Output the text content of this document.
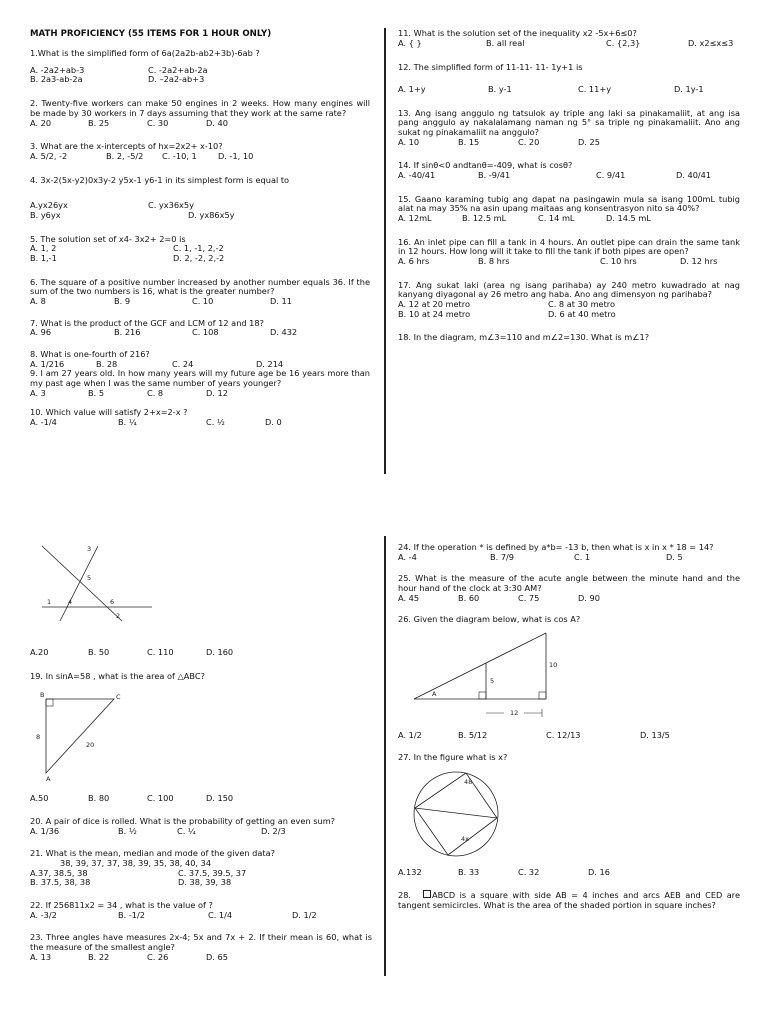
MATH PROFICIENCY (55 ITEMS FOR 1 HOUR ONLY)

1.What is the simplified form of 6a(2a2b-ab2+3b)-6ab ?

A. -2a2+ab-3	C. -2a2+ab-2a
B. 2a3-ab-2a	D. –2a2-ab+3

2. Twenty-five workers can make 50 engines in 2 weeks. How many engines will be made by 30 workers in 7 days assuming that they work at the same rate?

A. 20	B. 25	C. 30	D. 40

3. What are the x-intercepts of hx=2x2+ x-10?

A. 5/2, -2	B. 2, -5/2	C. -10, 1	D. -1, 10

4. 3x-2(5x-y2)0x3y-2 y5x-1 y6-1 in its simplest form is equal to

A.yx26yx	C. yx36x5y
B. y6yx	D. yx86x5y

5. The solution set of x4- 3x2+ 2=0 is

A. 1, 2	C. 1, -1, 2,-2
B. 1,-1	D. 2, -2, 2,-2

6. The square of a positive number increased by another number equals 36. If the sum of the two numbers is 16, what is the greater number?

A. 8	B. 9	C. 10	D. 11

7. What is the product of the GCF and LCM of 12 and 18?

A. 96	B. 216	C. 108	D. 432

8. What is one-fourth of 216?

A. 1/216	B. 28	C. 24	D. 214

9. I am 27 years old. In how many years will my future age be 16 years more than my past age when I was the same number of years younger?

A. 3	B. 5	C. 8	D. 12

10. Which value will satisfy 2+x=2-x ?

A. -1/4	B. ¼	C. ½	D. 0

11. What is the solution set of the inequality x2 -5x+6≤0?

A. { }	B. all real	C. {2,3}	D. x2≤x≤3

12. The simplified form of 11-11- 11- 1y+1 is

A. 1+y	B. y-1	C. 11+y	D. 1y-1

13. Ang isang anggulo ng tatsulok ay triple ang laki sa pinakamaliit, at ang isa pang anggulo ay nakalalamang naman ng 5° sa triple ng pinakamaliit. Ano ang sukat ng pinakamaliit na anggulo?

A. 10	B. 15	C. 20	D. 25

14. If sinθ<0 andtanθ=-409, what is cosθ?

A. -40/41	B. -9/41	C. 9/41	D. 40/41

15. Gaano karaming tubig ang dapat na pasingawin mula sa isang 100mL tubig alat na may 35% na asin upang maitaas ang konsentrasyon nito sa 40%?

A. 12mL	B. 12.5 mL	C. 14 mL	D. 14.5 mL

16. An inlet pipe can fill a tank in 4 hours. An outlet pipe can drain the same tank in 12 hours. How long will it take to fill the tank if both pipes are open?

A. 6 hrs	B. 8 hrs	C. 10 hrs	D. 12 hrs

17. Ang sukat laki (area ng isang parihaba) ay 240 metro kuwadrado at nag kanyang diyagonal ay 26 metro ang haba. Ano ang dimensyon ng parihaba?

A. 12 at 20 metro	C. 8 at 30 metro
B. 10 at 24 metro	D. 6 at 40 metro

18. In the diagram, m∠3=110 and m∠2=130. What is m∠1?

3
5
1	4	6
2
A.20	B. 50	C. 110	D. 160

19. In sinA=58 , what is the area of △ABC?

B	C
8
20
A
A.50	B. 80	C. 100	D. 150

20. A pair of dice is rolled. What is the probability of getting an even sum?

A. 1/36	B. ½	C. ¼	D. 2/3

21. What is the mean, median and mode of the given data?

38, 39, 37, 37, 38, 39, 35, 38, 40, 34

A.37, 38.5, 38	C. 37.5, 39.5, 37
B. 37.5, 38, 38	D. 38, 39, 38

22. If 256811x2 = 34 , what is the value of ?

A. -3/2	B. -1/2	C. 1/4	D. 1/2

23. Three angles have measures 2x-4; 5x and 7x + 2. If their mean is 60, what is the measure of the smallest angle?

A. 13	B. 22	C. 26	D. 65

24. If the operation * is defined by a*b= -13 b, then what is x in x * 18 = 14?

A. -4	B. 7/9	C. 1	D. 5

25. What is the measure of the acute angle between the minute hand and the hour hand of the clock at 3:30 AM?

A. 45	B. 60	C. 75	D. 90

26. Given the diagram below, what is cos A?

A
5
10
12
A. 1/2	B. 5/12	C. 12/13	D. 13/5

27. In the figure what is x?

48
4x
A.132	B. 33	C. 32	D. 16

28.	ABCD is a square with side AB = 4 inches and arcs AEB and CED are tangent semicircles. What is the area of the shaded portion in square inches?
